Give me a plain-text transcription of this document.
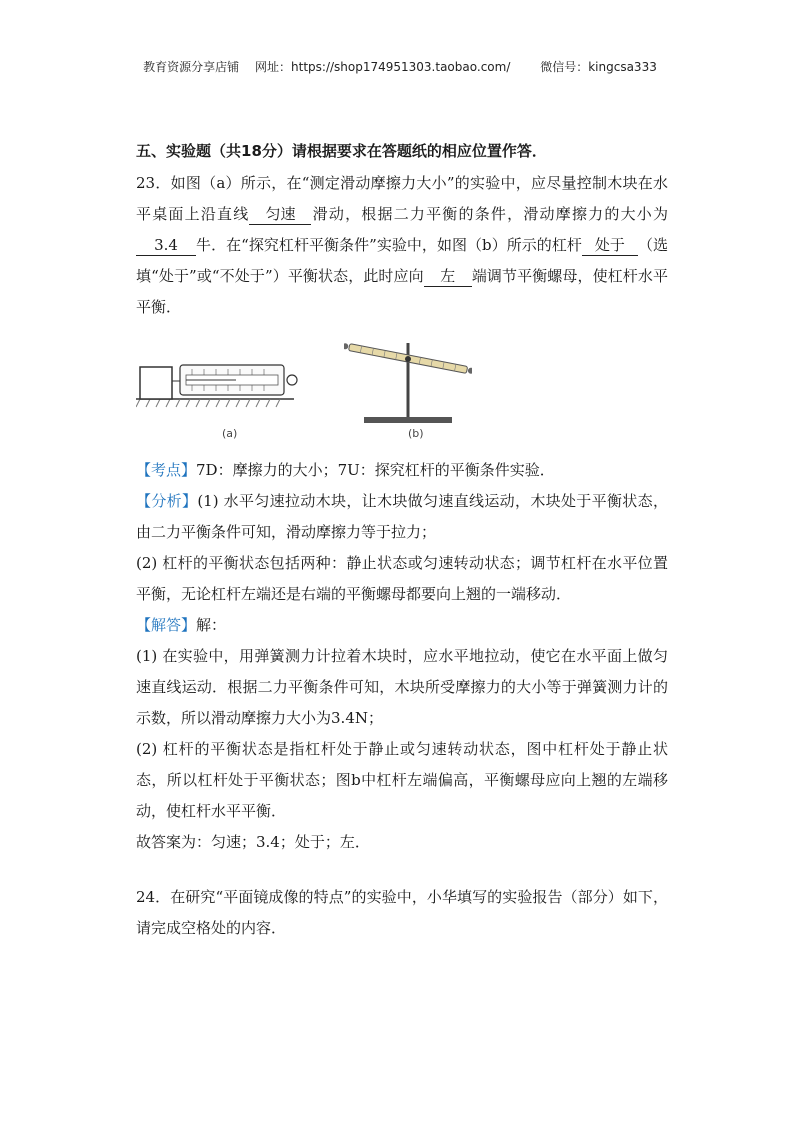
教育资源分享店铺 网址：https://shop174951303.taobao.com/ 微信号：kingcsa333
五、实验题（共18分）请根据要求在答题纸的相应位置作答．

23．如图（a）所示，在“测定滑动摩擦力大小”的实验中，应尽量控制木块在水平桌面上沿直线 匀速 滑动，根据二力平衡的条件，滑动摩擦力的大小为3.4 牛．在“探究杠杆平衡条件”实验中，如图（b）所示的杠杆 处于 （选填“处于”或“不处于”）平衡状态，此时应向 左 端调节平衡螺母，使杠杆水平平衡．

(a)	(b)

【考点】7D：摩擦力的大小；7U：探究杠杆的平衡条件实验．

【分析】(1) 水平匀速拉动木块，让木块做匀速直线运动，木块处于平衡状态，由二力平衡条件可知，滑动摩擦力等于拉力；

(2) 杠杆的平衡状态包括两种：静止状态或匀速转动状态；调节杠杆在水平位置平衡，无论杠杆左端还是右端的平衡螺母都要向上翘的一端移动．

【解答】解：

(1) 在实验中，用弹簧测力计拉着木块时，应水平地拉动，使它在水平面上做匀速直线运动．根据二力平衡条件可知，木块所受摩擦力的大小等于弹簧测力计的示数，所以滑动摩擦力大小为3.4N；

(2) 杠杆的平衡状态是指杠杆处于静止或匀速转动状态，图中杠杆处于静止状态，所以杠杆处于平衡状态；图b中杠杆左端偏高，平衡螺母应向上翘的左端移动，使杠杆水平平衡．

故答案为：匀速；3.4；处于；左．

24．在研究“平面镜成像的特点”的实验中，小华填写的实验报告（部分）如下，请完成空格处的内容．
